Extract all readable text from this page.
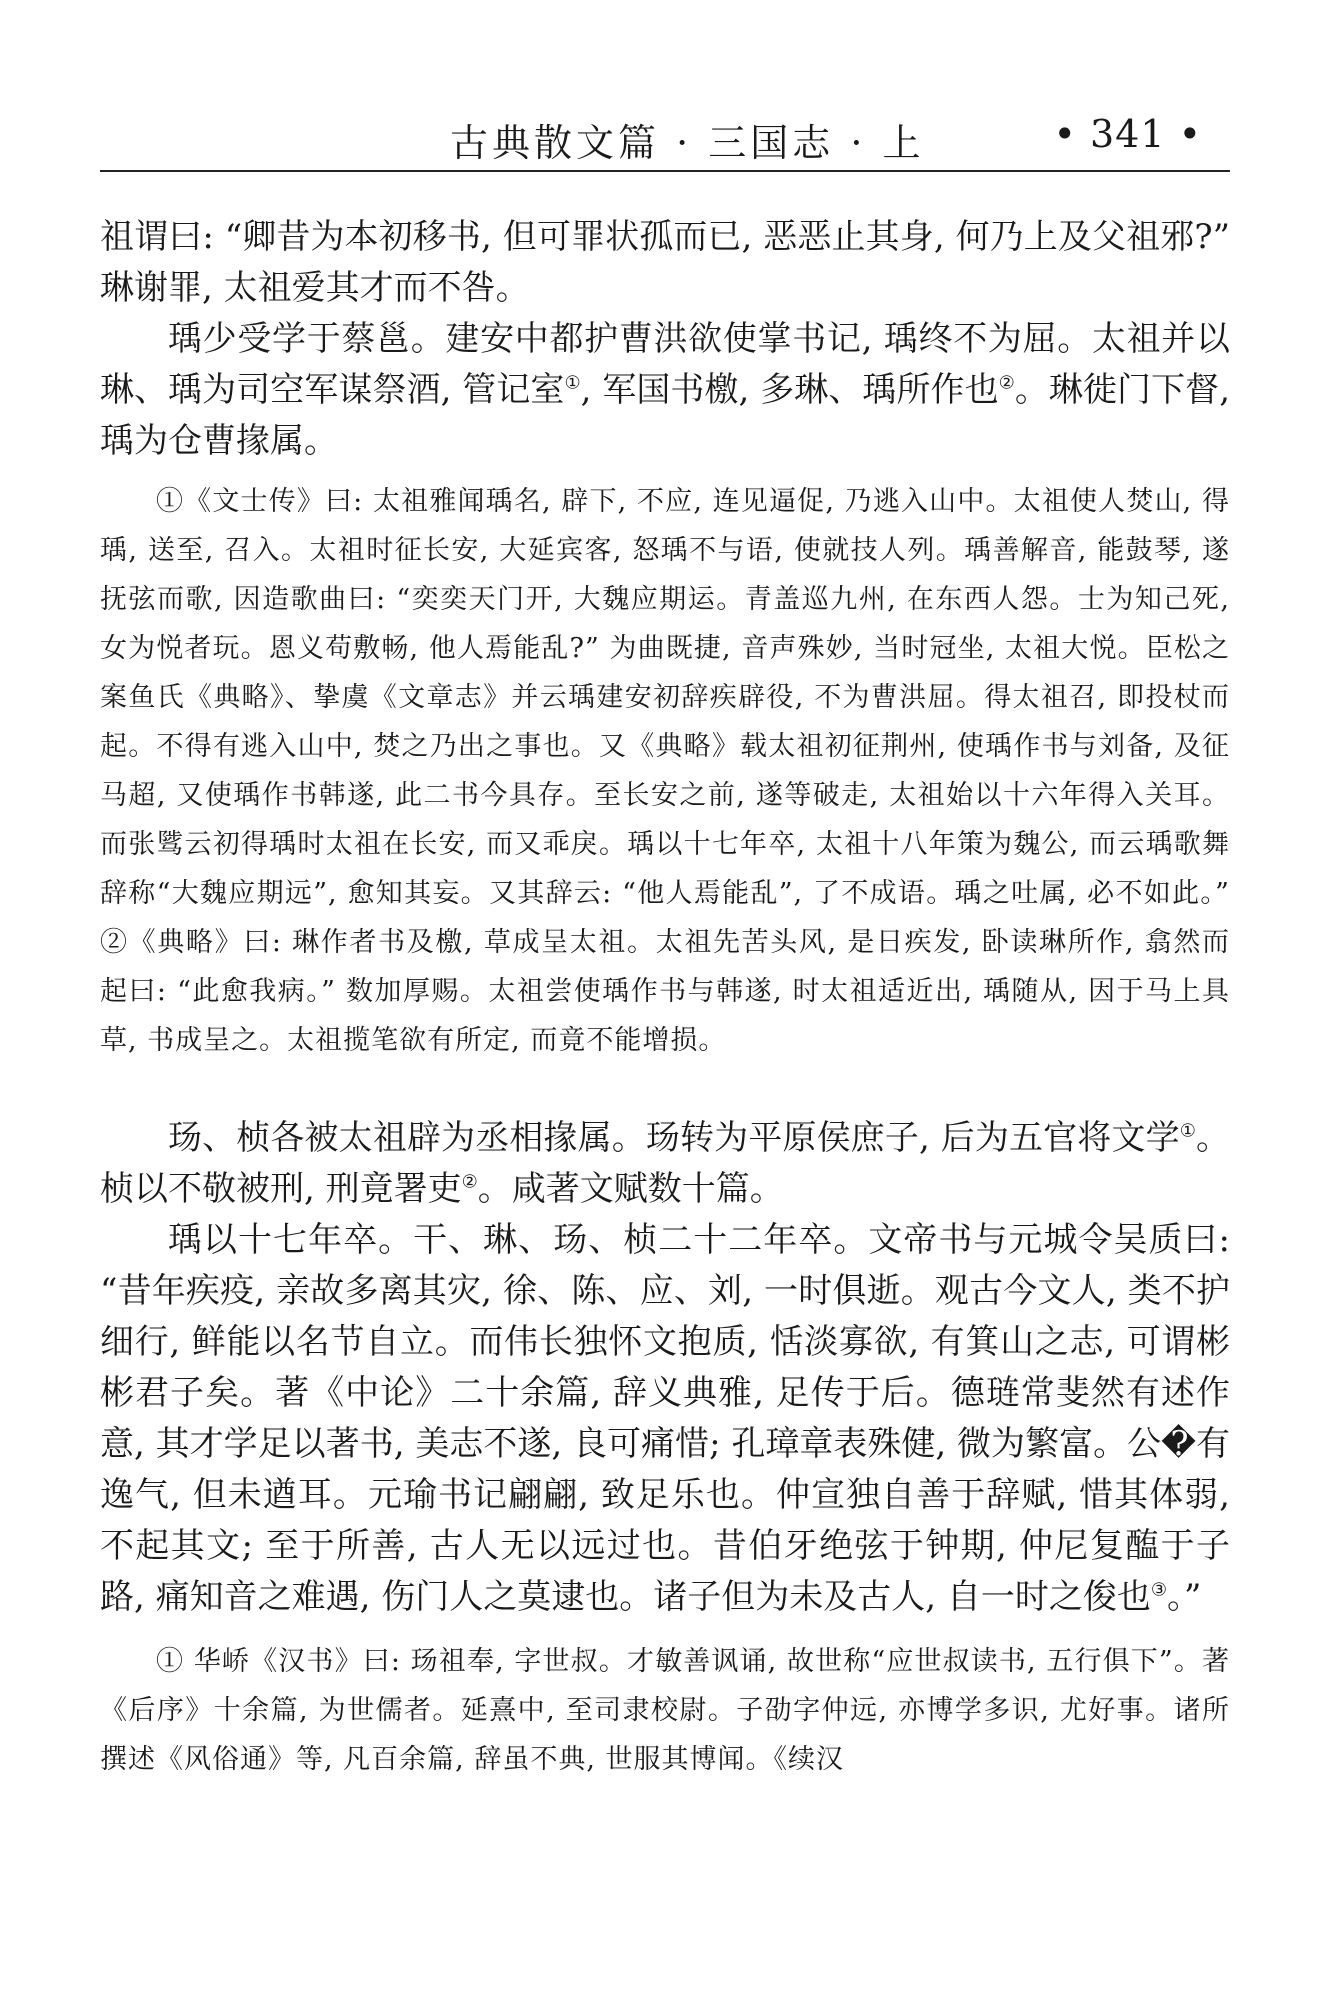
古典散文篇 · 三国志 · 上	• 341 •

祖谓曰: “卿昔为本初移书, 但可罪状孤而已, 恶恶止其身, 何乃上及父祖邪?” 琳谢罪, 太祖爱其才而不咎。

瑀少受学于蔡邕。建安中都护曹洪欲使掌书记, 瑀终不为屈。太祖并以琳、瑀为司空军谋祭酒, 管记室①, 军国书檄, 多琳、瑀所作也②。琳徙门下督, 瑀为仓曹掾属。

①《文士传》曰: 太祖雅闻瑀名, 辟下, 不应, 连见逼促, 乃逃入山中。太祖使人焚山, 得瑀, 送至, 召入。太祖时征长安, 大延宾客, 怒瑀不与语, 使就技人列。瑀善解音, 能鼓琴, 遂抚弦而歌, 因造歌曲曰: “奕奕天门开, 大魏应期运。青盖巡九州, 在东西人怨。士为知己死, 女为悦者玩。恩义苟敷畅, 他人焉能乱?” 为曲既捷, 音声殊妙, 当时冠坐, 太祖大悦。臣松之案鱼氏《典略》、挚虞《文章志》并云瑀建安初辞疾辟役, 不为曹洪屈。得太祖召, 即投杖而起。不得有逃入山中, 焚之乃出之事也。又《典略》载太祖初征荆州, 使瑀作书与刘备, 及征马超, 又使瑀作书韩遂, 此二书今具存。至长安之前, 遂等破走, 太祖始以十六年得入关耳。而张骘云初得瑀时太祖在长安, 而又乖戾。瑀以十七年卒, 太祖十八年策为魏公, 而云瑀歌舞辞称“大魏应期远”, 愈知其妄。又其辞云: “他人焉能乱”, 了不成语。瑀之吐属, 必不如此。” ②《典略》曰: 琳作者书及檄, 草成呈太祖。太祖先苦头风, 是日疾发, 卧读琳所作, 翕然而起曰: “此愈我病。” 数加厚赐。太祖尝使瑀作书与韩遂, 时太祖适近出, 瑀随从, 因于马上具草, 书成呈之。太祖揽笔欲有所定, 而竟不能增损。

玚、桢各被太祖辟为丞相掾属。玚转为平原侯庶子, 后为五官将文学①。桢以不敬被刑, 刑竟署吏②。咸著文赋数十篇。

瑀以十七年卒。干、琳、玚、桢二十二年卒。文帝书与元城令吴质曰: “昔年疾疫, 亲故多离其灾, 徐、陈、应、刘, 一时俱逝。观古今文人, 类不护细行, 鲜能以名节自立。而伟长独怀文抱质, 恬淡寡欲, 有箕山之志, 可谓彬彬君子矣。著《中论》二十余篇, 辞义典雅, 足传于后。德琏常斐然有述作意, 其才学足以著书, 美志不遂, 良可痛惜; 孔璋章表殊健, 微为繁富。公�有逸气, 但未遒耳。元瑜书记翩翩, 致足乐也。仲宣独自善于辞赋, 惜其体弱, 不起其文; 至于所善, 古人无以远过也。昔伯牙绝弦于钟期, 仲尼复醢于子路, 痛知音之难遇, 伤门人之莫逮也。诸子但为未及古人, 自一时之俊也③。”

① 华峤《汉书》曰: 玚祖奉, 字世叔。才敏善讽诵, 故世称“应世叔读书, 五行俱下”。著《后序》十余篇, 为世儒者。延熹中, 至司隶校尉。子劭字仲远, 亦博学多识, 尤好事。诸所撰述《风俗通》等, 凡百余篇, 辞虽不典, 世服其博闻。《续汉
